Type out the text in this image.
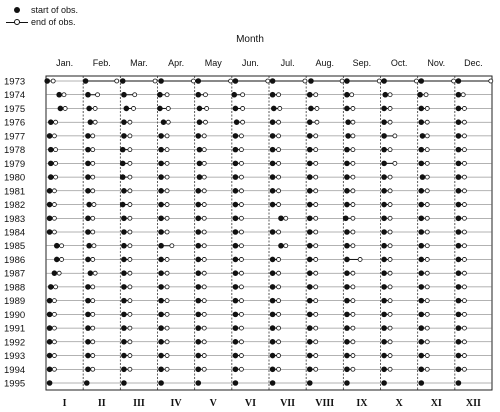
Jan. Feb. Mar. Apr. May Jun. Jul. Aug. Sep. Oct. Nov. Dec.
I	II	III	IV	V	VI VII VIII IX	X	XI XII
1973
1974
1975
1976
1977
1978
1979
1980
1981
1982
1983
1984
1985
1986
1987
1988
1989
1990
1991
1992
1993
1994
1995
start of obs.
end of obs.
Month
